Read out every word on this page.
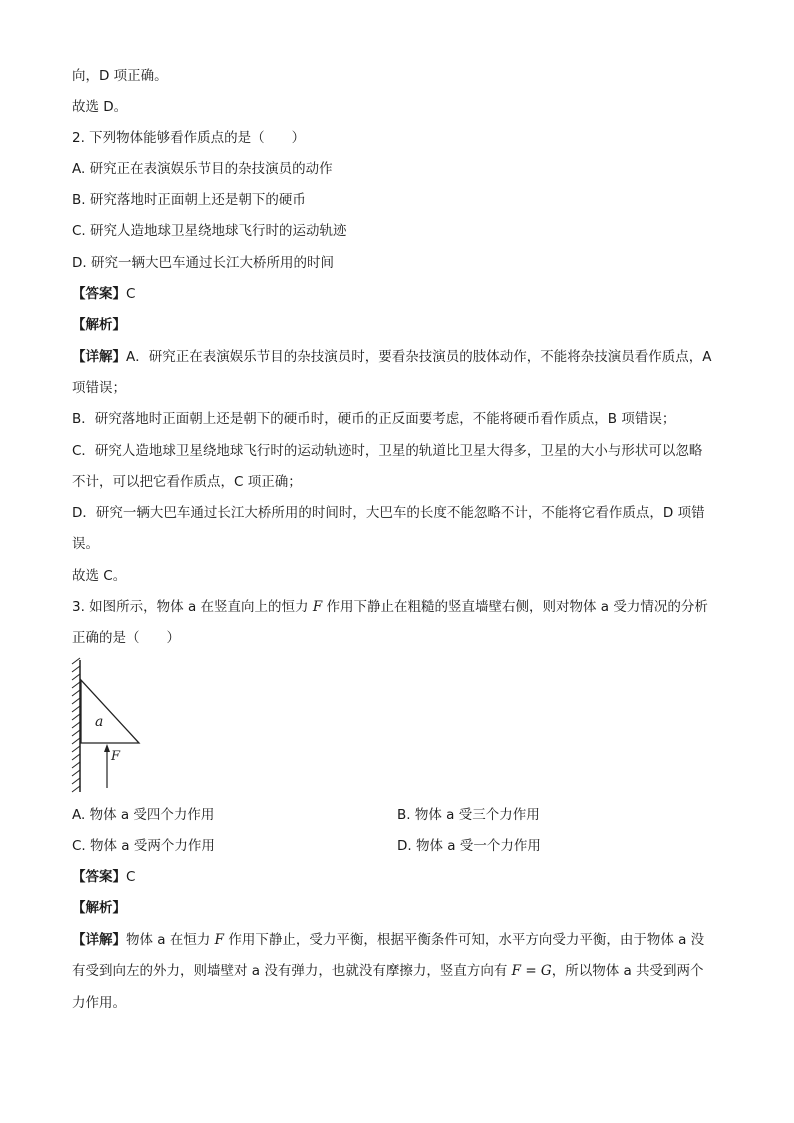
向，D 项正确。
故选 D。
2. 下列物体能够看作质点的是（　　）
A. 研究正在表演娱乐节目的杂技演员的动作
B. 研究落地时正面朝上还是朝下的硬币
C. 研究人造地球卫星绕地球飞行时的运动轨迹
D. 研究一辆大巴车通过长江大桥所用的时间
【答案】C
【解析】
【详解】A．研究正在表演娱乐节目的杂技演员时，要看杂技演员的肢体动作，不能将杂技演员看作质点，A
项错误；
B．研究落地时正面朝上还是朝下的硬币时，硬币的正反面要考虑，不能将硬币看作质点，B 项错误；
C．研究人造地球卫星绕地球飞行时的运动轨迹时，卫星的轨道比卫星大得多，卫星的大小与形状可以忽略
不计，可以把它看作质点，C 项正确；
D．研究一辆大巴车通过长江大桥所用的时间时，大巴车的长度不能忽略不计，不能将它看作质点，D 项错
误。
故选 C。
3. 如图所示，物体 a 在竖直向上的恒力 F 作用下静止在粗糙的竖直墙壁右侧，则对物体 a 受力情况的分析
正确的是（　　）
a
F
A. 物体 a 受四个力作用	B. 物体 a 受三个力作用
C. 物体 a 受两个力作用	D. 物体 a 受一个力作用
【答案】C
【解析】
【详解】物体 a 在恒力 F 作用下静止，受力平衡，根据平衡条件可知，水平方向受力平衡，由于物体 a 没
有受到向左的外力，则墙壁对 a 没有弹力，也就没有摩擦力，竖直方向有 F = G，所以物体 a 共受到两个
力作用。
